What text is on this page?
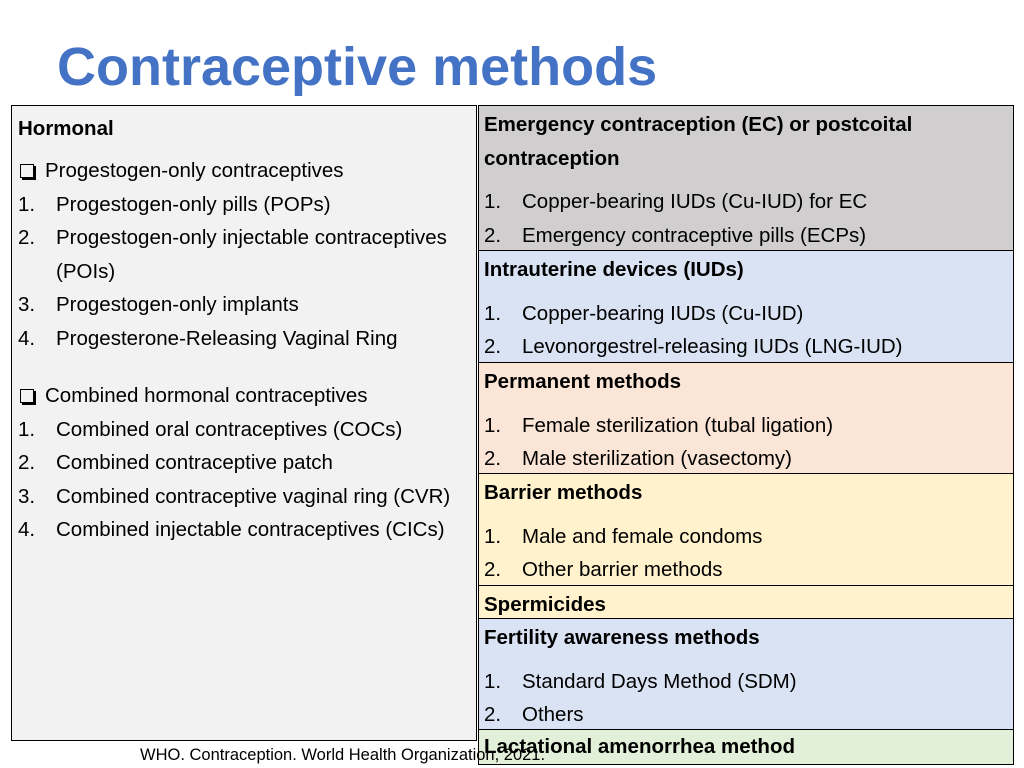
Contraceptive methods
Hormonal
Progestogen-only contraceptives
1.	Progestogen-only pills (POPs)
2.	Progestogen-only injectable contraceptives (POIs)
3.	Progestogen-only implants
4.	Progesterone-Releasing Vaginal Ring
Combined hormonal contraceptives
1.	Combined oral contraceptives (COCs)
2.	Combined contraceptive patch
3.	Combined contraceptive vaginal ring (CVR)
4.	Combined injectable contraceptives (CICs)
Emergency contraception (EC) or postcoital contraception
1.	Copper-bearing IUDs (Cu-IUD) for EC
2.	Emergency contraceptive pills (ECPs)
Intrauterine devices (IUDs)
1.	Copper-bearing IUDs (Cu-IUD)
2.	Levonorgestrel-releasing IUDs (LNG-IUD)
Permanent methods
1.	Female sterilization (tubal ligation)
2.	Male sterilization (vasectomy)
Barrier methods
1.	Male and female condoms
2.	Other barrier methods
Spermicides
Fertility awareness methods
1.	Standard Days Method (SDM)
2.	Others
Lactational amenorrhea method
WHO. Contraception. World Health Organization, 2021.
